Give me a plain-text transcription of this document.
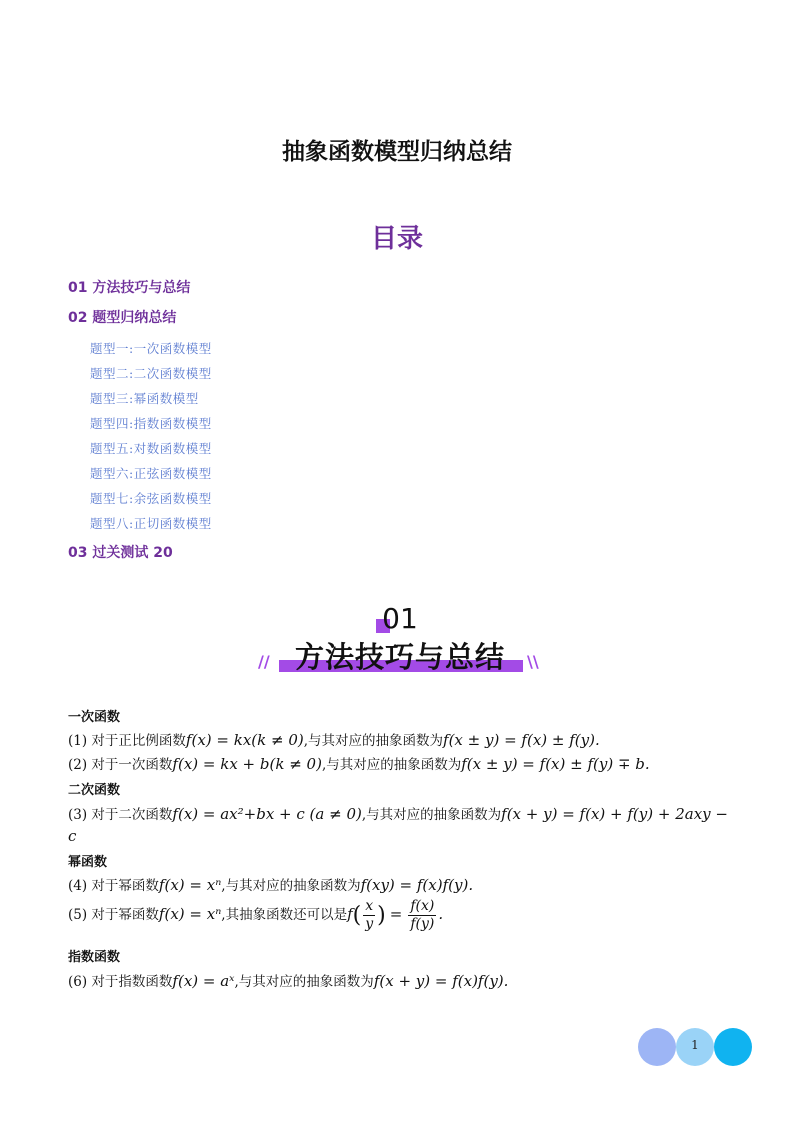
抽象函数模型归纳总结
目录
01 方法技巧与总结
02 题型归纳总结
题型一:一次函数模型
题型二:二次函数模型
题型三:幂函数模型
题型四:指数函数模型
题型五:对数函数模型
题型六:正弦函数模型
题型七:余弦函数模型
题型八:正切函数模型
03 过关测试 20
01
方法技巧与总结
//	\\
一次函数
(1) 对于正比例函数f(x) = kx(k ≠ 0),与其对应的抽象函数为f(x ± y) = f(x) ± f(y).
(2) 对于一次函数f(x) = kx + b(k ≠ 0),与其对应的抽象函数为f(x ± y) = f(x) ± f(y) ∓ b.
二次函数
(3) 对于二次函数f(x) = ax²+bx + c (a ≠ 0),与其对应的抽象函数为f(x + y) = f(x) + f(y) + 2axy −
c
幂函数
(4) 对于幂函数f(x) = xⁿ,与其对应的抽象函数为f(xy) = f(x)f(y).
(5) 对于幂函数f(x) = xⁿ,其抽象函数还可以是$f( \frac{x}{y}$ ) = $\frac{f(x)}{f(y)}$ .
指数函数
(6) 对于指数函数f(x) = aˣ,与其对应的抽象函数为f(x + y) = f(x)f(y).
1
